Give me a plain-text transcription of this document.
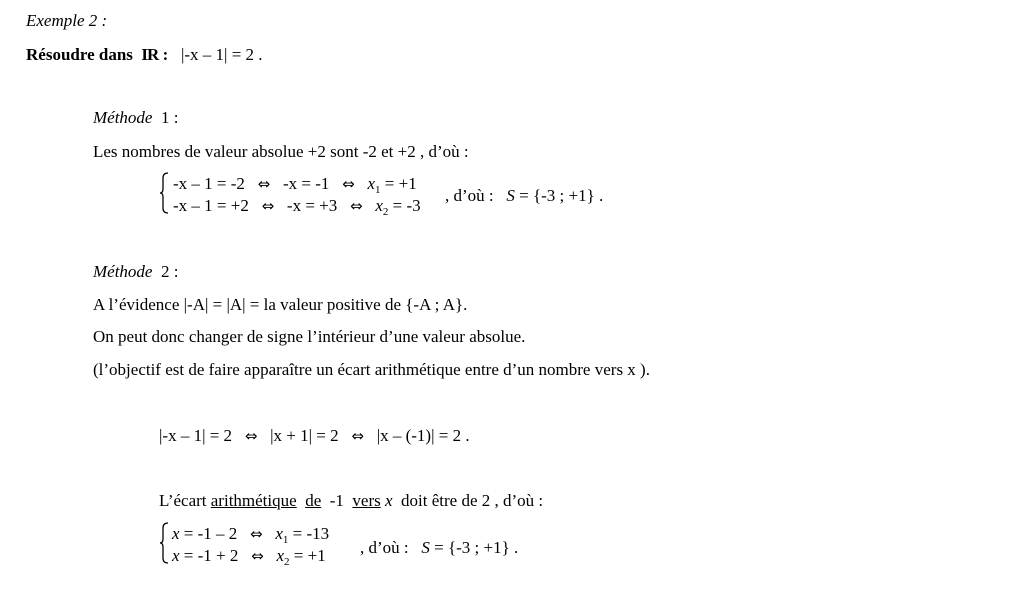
Exemple 2 :
Résoudre dans IR : |-x – 1| = 2 .
Méthode 1 :
Les nombres de valeur absolue +2 sont -2 et +2 , d’où :
-x – 1 = -2 ⇔ -x = -1 ⇔ $x_1 = +1$
-x – 1 = +2 ⇔ -x = +3 ⇔ $x_2 = -3$
, d’où : S = {-3 ; +1} .
Méthode 2 :
A l’évidence |-A| = |A| = la valeur positive de {-A ; A}.
On peut donc changer de signe l’intérieur d’une valeur absolue.
(l’objectif est de faire apparaître un écart arithmétique entre d’un nombre vers x ).
|-x – 1| = 2 ⇔ |x + 1| = 2 ⇔ |x – (-1)| = 2 .
L’écart arithmétique de -1 vers x doit être de 2 , d’où :
x = -1 – 2 ⇔ $x_1 = -13$
x = -1 + 2 ⇔ $x_2 = +1$ , d’où : S = {-3 ; +1} .
